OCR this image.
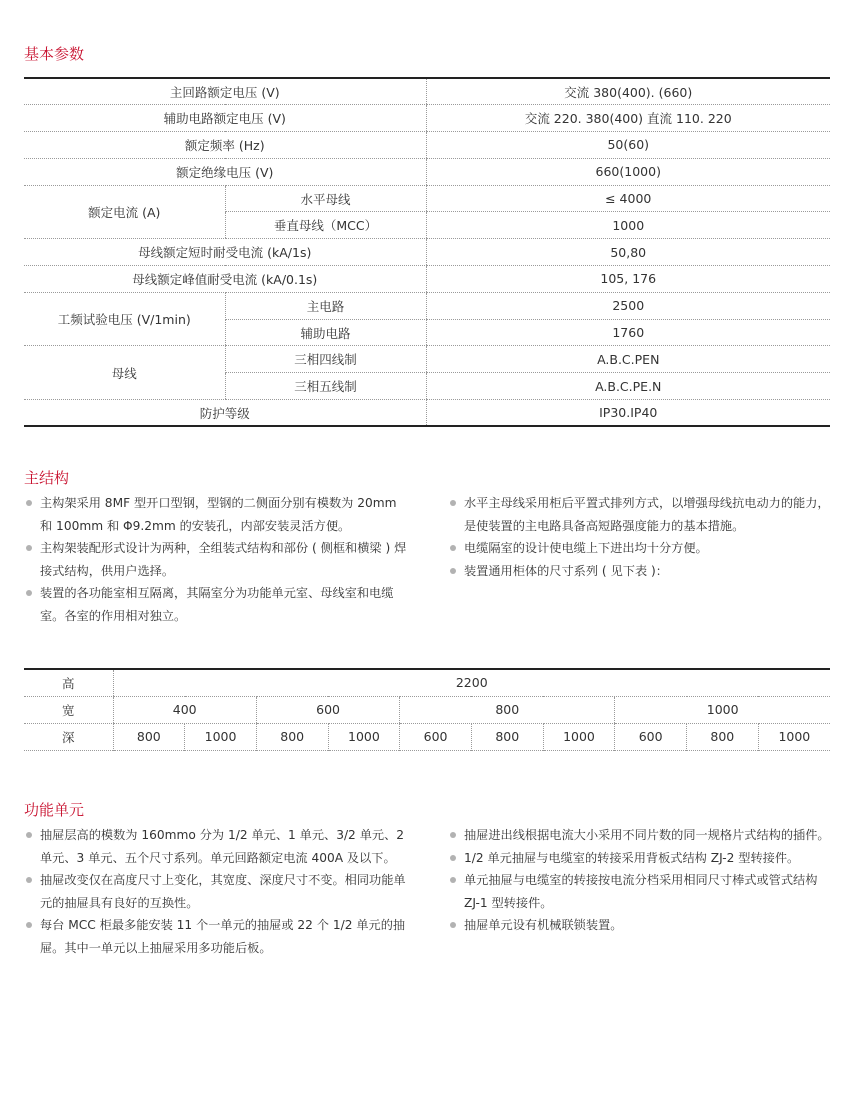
基本参数
主回路额定电压 (V)		交流 380(400). (660)
辅助电路额定电压 (V)		交流 220. 380(400) 直流 110. 220
额定频率 (Hz)		50(60)
额定绝缘电压 (V)		660(1000)
额定电流 (A)	水平母线	≤ 4000
	垂直母线（MCC）	1000
母线额定短时耐受电流 (kA/1s)		50,80
母线额定峰值耐受电流 (kA/0.1s)		105, 176
工频试验电压 (V/1min)	主电路	2500
	辅助电路	1760
母线	三相四线制	A.B.C.PEN
	三相五线制	A.B.C.PE.N
防护等级		IP30.IP40
主结构
主构架采用 8MF 型开口型钢，型钢的二侧面分别有模数为 20mm 和 100mm 和 Φ9.2mm 的安装孔，内部安装灵活方便。
主构架装配形式设计为两种，全组装式结构和部份 ( 侧框和横梁 ) 焊接式结构，供用户选择。
装置的各功能室相互隔离，其隔室分为功能单元室、母线室和电缆室。各室的作用相对独立。
水平主母线采用柜后平置式排列方式，以增强母线抗电动力的能力，是使装置的主电路具备高短路强度能力的基本措施。
电缆隔室的设计使电缆上下进出均十分方便。
装置通用柜体的尺寸系列 ( 见下表 )：
高	2200									
宽	400		600		800			1000		
深	800	1000	800	1000	600	800	1000	600	800	1000
功能单元
抽屉层高的模数为 160mmo 分为 1/2 单元、1 单元、3/2 单元、2 单元、3 单元、五个尺寸系列。单元回路额定电流 400A 及以下。
抽屉改变仅在高度尺寸上变化，其宽度、深度尺寸不变。相同功能单元的抽屉具有良好的互换性。
每台 MCC 柜最多能安装 11 个一单元的抽屉或 22 个 1/2 单元的抽屉。其中一单元以上抽屉采用多功能后板。
抽屉进出线根据电流大小采用不同片数的同一规格片式结构的插件。
1/2 单元抽屉与电缆室的转接采用背板式结构 ZJ-2 型转接件。
单元抽屉与电缆室的转接按电流分档采用相同尺寸棒式或管式结构 ZJ-1 型转接件。
抽屉单元设有机械联锁装置。
